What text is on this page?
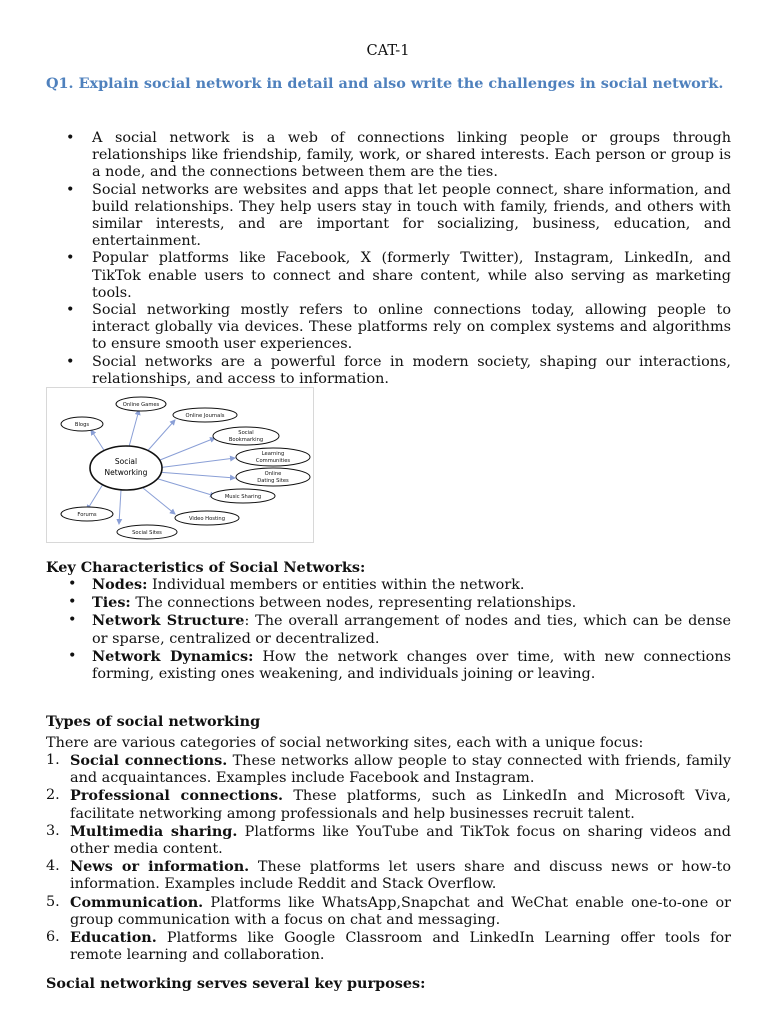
CAT-1
Q1. Explain social network in detail and also write the challenges in social network.
• A social network is a web of connections linking people or groups through relationships like friendship, family, work, or shared interests. Each person or group is a node, and the connections between them are the ties.
• Social networks are websites and apps that let people connect, share information, and build relationships. They help users stay in touch with family, friends, and others with similar interests, and are important for socializing, business, education, and entertainment.
• Popular platforms like Facebook, X (formerly Twitter), Instagram, LinkedIn, and TikTok enable users to connect and share content, while also serving as marketing tools.
• Social networking mostly refers to online connections today, allowing people to interact globally via devices. These platforms rely on complex systems and algorithms to ensure smooth user experiences.
• Social networks are a powerful force in modern society, shaping our interactions, relationships, and access to information.
Social
Networking
Online Games
Online Journals
Blogs
Social
Bookmarking
Learning
Communities
Online
Dating Sites
Music Sharing
Video Hosting
Forums
Social Sites
Key Characteristics of Social Networks:
• Nodes: Individual members or entities within the network.
• Ties: The connections between nodes, representing relationships.
• Network Structure: The overall arrangement of nodes and ties, which can be dense or sparse, centralized or decentralized.
• Network Dynamics: How the network changes over time, with new connections forming, existing ones weakening, and individuals joining or leaving.
Types of social networking
There are various categories of social networking sites, each with a unique focus:
1. Social connections. These networks allow people to stay connected with friends, family and acquaintances. Examples include Facebook and Instagram.
2. Professional connections. These platforms, such as LinkedIn and Microsoft Viva, facilitate networking among professionals and help businesses recruit talent.
3. Multimedia sharing. Platforms like YouTube and TikTok focus on sharing videos and other media content.
4. News or information. These platforms let users share and discuss news or how-to information. Examples include Reddit and Stack Overflow.
5. Communication. Platforms like WhatsApp,Snapchat and WeChat enable one-to-one or group communication with a focus on chat and messaging.
6. Education. Platforms like Google Classroom and LinkedIn Learning offer tools for remote learning and collaboration.
Social networking serves several key purposes:
